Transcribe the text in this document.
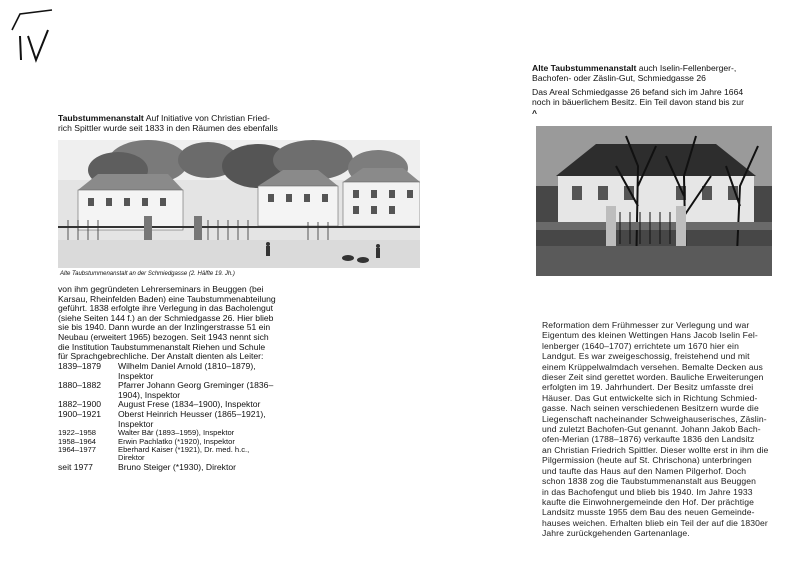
Taubstummenanstalt Auf Initiative von Christian Fried-
rich Spittler wurde seit 1833 in den Räumen des ebenfalls
Alte Taubstummenanstalt an der Schmiedgasse (2. Hälfte 19. Jh.)
von ihm gegründeten Lehrerseminars in Beuggen (bei
Karsau, Rheinfelden Baden) eine Taubstummenabteilung
geführt. 1838 erfolgte ihre Verlegung in das Bacholengut
(siehe Seiten 144 f.) an der Schmiedgasse 26. Hier blieb
sie bis 1940. Dann wurde an der Inzlingerstrasse 51 ein
Neubau (erweitert 1965) bezogen. Seit 1943 nennt sich
die Institution Taubstummenanstalt Riehen und Schule
für Sprachgebrechliche. Der Anstalt dienten als Leiter:
1839–1879	Wilhelm Daniel Arnold (1810–1879),
Inspektor
1880–1882	Pfarrer Johann Georg Greminger (1836–
1904), Inspektor
1882–1900	August Frese (1834–1900), Inspektor
1900–1921	Oberst Heinrich Heusser (1865–1921),
Inspektor
1922–1958	Walter Bär (1893–1959), Inspektor
1958–1964	Erwin Pachlatko (*1920), Inspektor
1964–1977	Eberhard Kaiser (*1921), Dr. med. h.c.,
Direktor
seit 1977	Bruno Steiger (*1930), Direktor
Alte Taubstummenanstalt auch Iselin-Fellenberger-,
Bachofen- oder Zäslin-Gut, Schmiedgasse 26
Das Areal Schmiedgasse 26 befand sich im Jahre 1664
noch in bäuerlichem Besitz. Ein Teil davon stand bis zur
^
Reformation dem Frühmesser zur Verlegung und war
Eigentum des kleinen Wettingen Hans Jacob Iselin Fel-
lenberger (1640–1707) errichtete um 1670 hier ein
Landgut. Es war zweigeschossig, freistehend und mit
einem Krüppelwalmdach versehen. Bemalte Decken aus
dieser Zeit sind gerettet worden. Bauliche Erweiterungen
erfolgten im 19. Jahrhundert. Der Besitz umfasste drei
Häuser. Das Gut entwickelte sich in Richtung Schmied-
gasse. Nach seinen verschiedenen Besitzern wurde die
Liegenschaft nacheinander Schweighauserisches, Zäslin-
und zuletzt Bachofen-Gut genannt. Johann Jakob Bach-
ofen-Merian (1788–1876) verkaufte 1836 den Landsitz
an Christian Friedrich Spittler. Dieser wollte erst in ihm die
Pilgermission (heute auf St. Chrischona) unterbringen
und taufte das Haus auf den Namen Pilgerhof. Doch
schon 1838 zog die Taubstummenanstalt aus Beuggen
in das Bachofengut und blieb bis 1940. Im Jahre 1933
kaufte die Einwohnergemeinde den Hof. Der prächtige
Landsitz musste 1955 dem Bau des neuen Gemeinde-
hauses weichen. Erhalten blieb ein Teil der auf die 1830er
Jahre zurückgehenden Gartenanlage.
